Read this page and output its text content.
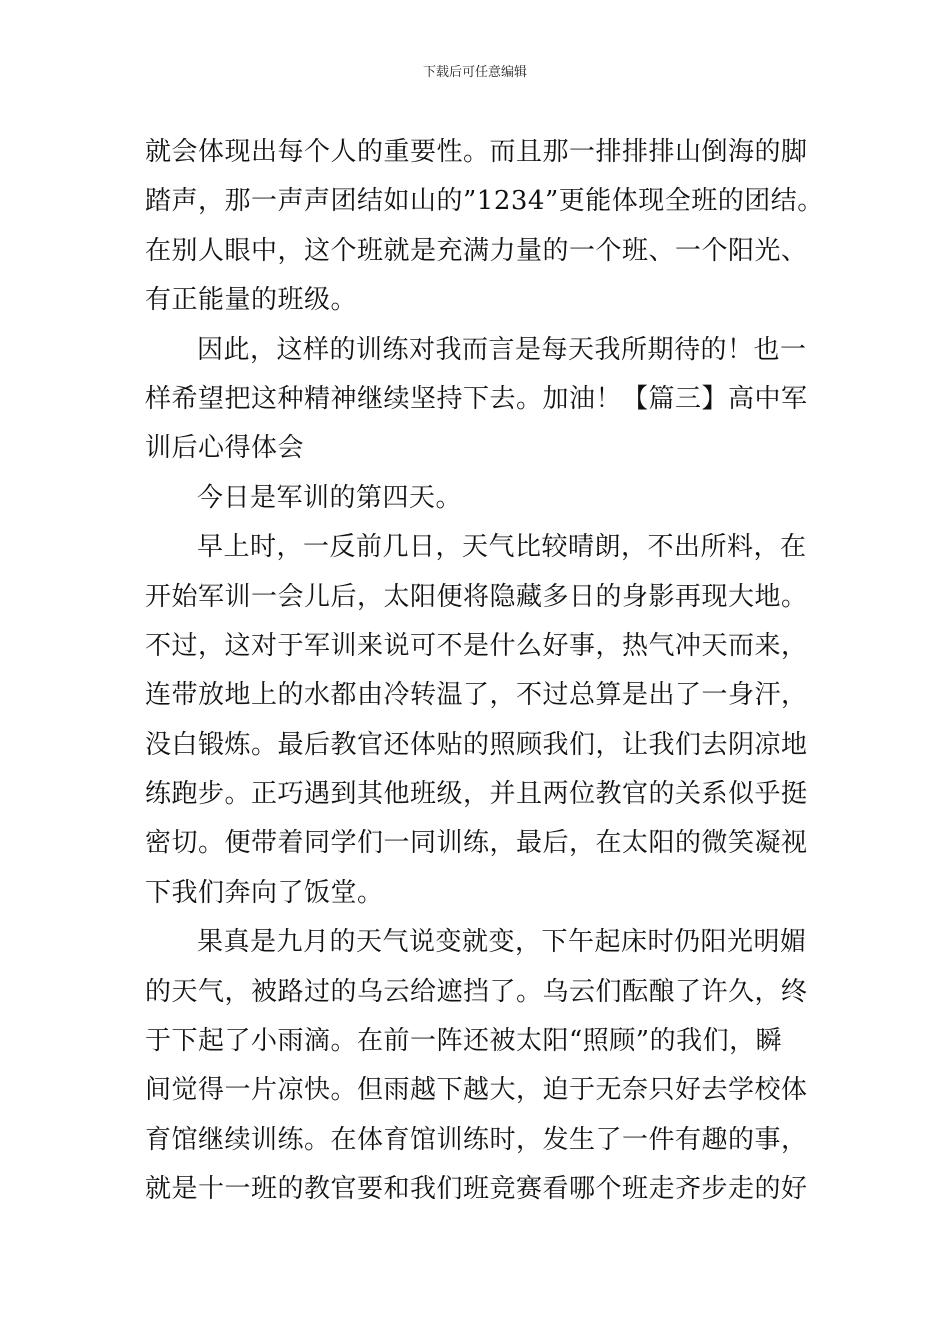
下载后可任意编辑
就会体现出每个人的重要性。而且那一排排排山倒海的脚
踏声，那一声声团结如山的”1234”更能体现全班的团结。
在别人眼中，这个班就是充满力量的一个班、一个阳光、
有正能量的班级。
因此，这样的训练对我而言是每天我所期待的！也一
样希望把这种精神继续坚持下去。加油！【篇三】高中军
训后心得体会
今日是军训的第四天。
早上时，一反前几日，天气比较晴朗，不出所料，在
开始军训一会儿后，太阳便将隐藏多日的身影再现大地。
不过，这对于军训来说可不是什么好事，热气冲天而来，
连带放地上的水都由冷转温了，不过总算是出了一身汗，
没白锻炼。最后教官还体贴的照顾我们，让我们去阴凉地
练跑步。正巧遇到其他班级，并且两位教官的关系似乎挺
密切。便带着同学们一同训练，最后，在太阳的微笑凝视
下我们奔向了饭堂。
果真是九月的天气说变就变，下午起床时仍阳光明媚
的天气，被路过的乌云给遮挡了。乌云们酝酿了许久，终
于下起了小雨滴。在前一阵还被太阳“照顾”的我们，瞬
间觉得一片凉快。但雨越下越大，迫于无奈只好去学校体
育馆继续训练。在体育馆训练时，发生了一件有趣的事，
就是十一班的教官要和我们班竞赛看哪个班走齐步走的好
